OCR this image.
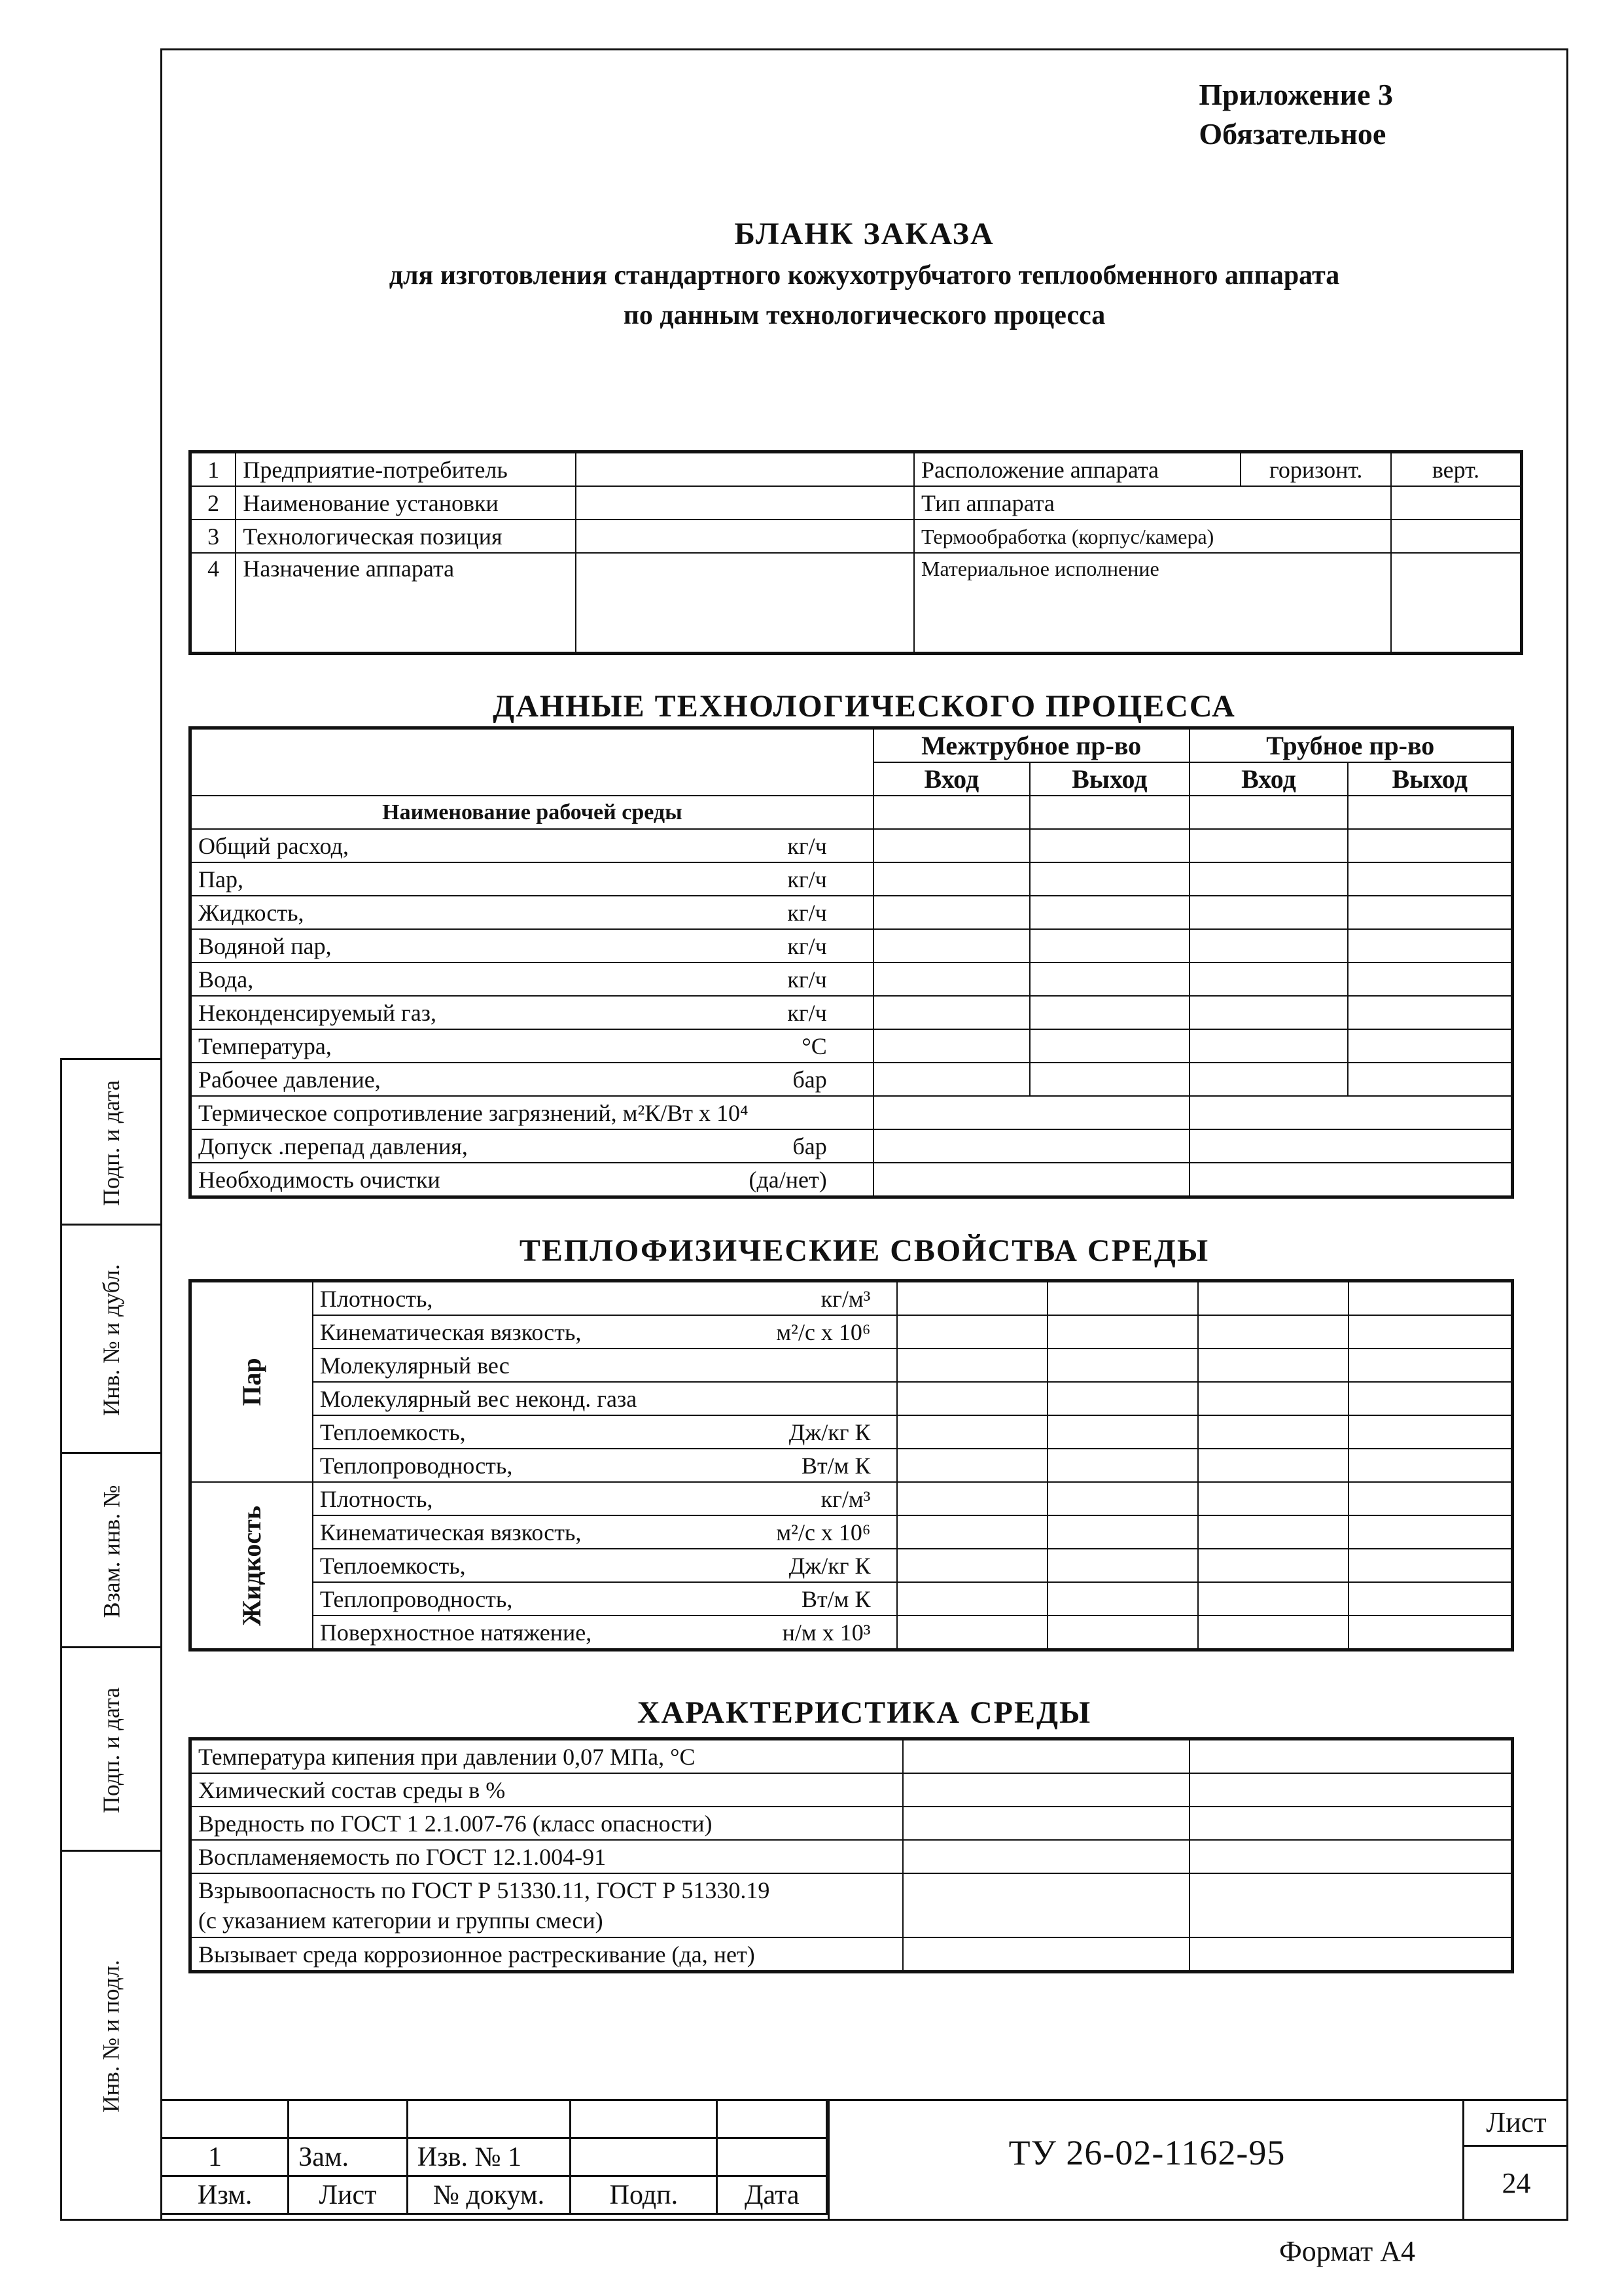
Подп. и дата
Инв. № и дубл.
Взам. инв. №
Подп. и дата
Инв. № и подл.
Приложение 3
Обязательное
БЛАНК ЗАКАЗА
для изготовления стандартного кожухотрубчатого теплообменного аппарата
по данным технологического процесса
1	Предприятие-потребитель		Расположение аппарата	горизонт.	верт.
2	Наименование установки		Тип аппарата		
3	Технологическая позиция		Термообработка (корпус/камера)		
4	Назначение аппарата		Материальное исполнение		
ДАННЫЕ ТЕХНОЛОГИЧЕСКОГО ПРОЦЕССА
	Межтрубное пр-во		Трубное пр-во	
	Вход	Выход	Вход	Выход
Наименование рабочей среды				
Общий расход, кг/ч				

Пар, кг/ч				

Жидкость, кг/ч				

Водяной пар, кг/ч				

Вода, кг/ч				

Неконденсируемый газ, кг/ч				

Температура, °С				

Рабочее давление, бар				

Термическое сопротивление загрязнений, м²К/Вт х 10⁴				
Допуск .перепад давления, бар				

Необходимость очистки (да/нет)				

ТЕПЛОФИЗИЧЕСКИЕ СВОЙСТВА СРЕДЫ
Пар	Плотность, кг/м³				

	Кинематическая вязкость, м²/с х 10⁶				

	Молекулярный вес

	Молекулярный вес неконд. газа

	Теплоемкость, Дж/кг К				

	Теплопроводность, Вт/м К				

Жидкость	Плотность, кг/м³				

	Кинематическая вязкость, м²/с х 10⁶				

	Теплоемкость, Дж/кг К				

	Теплопроводность, Вт/м К				

	Поверхностное натяжение, н/м х 10³				

ХАРАКТЕРИСТИКА СРЕДЫ
Температура кипения при давлении 0,07 МПа, °С		
Химический состав среды в %		
Вредность по ГОСТ 1 2.1.007-76 (класс опасности)		
Воспламеняемость по ГОСТ 12.1.004-91		

Взрывоопасность по ГОСТ Р 51330.11, ГОСТ Р 51330.19
(с указанием категории и группы смеси)		

Вызывает среда коррозионное растрескивание (да, нет)		

1	Зам.	Изв. № 1		
Изм.	Лист	№ докум.	Подп.	Дата
ТУ 26-02-1162-95
Лист
24
Формат А4
